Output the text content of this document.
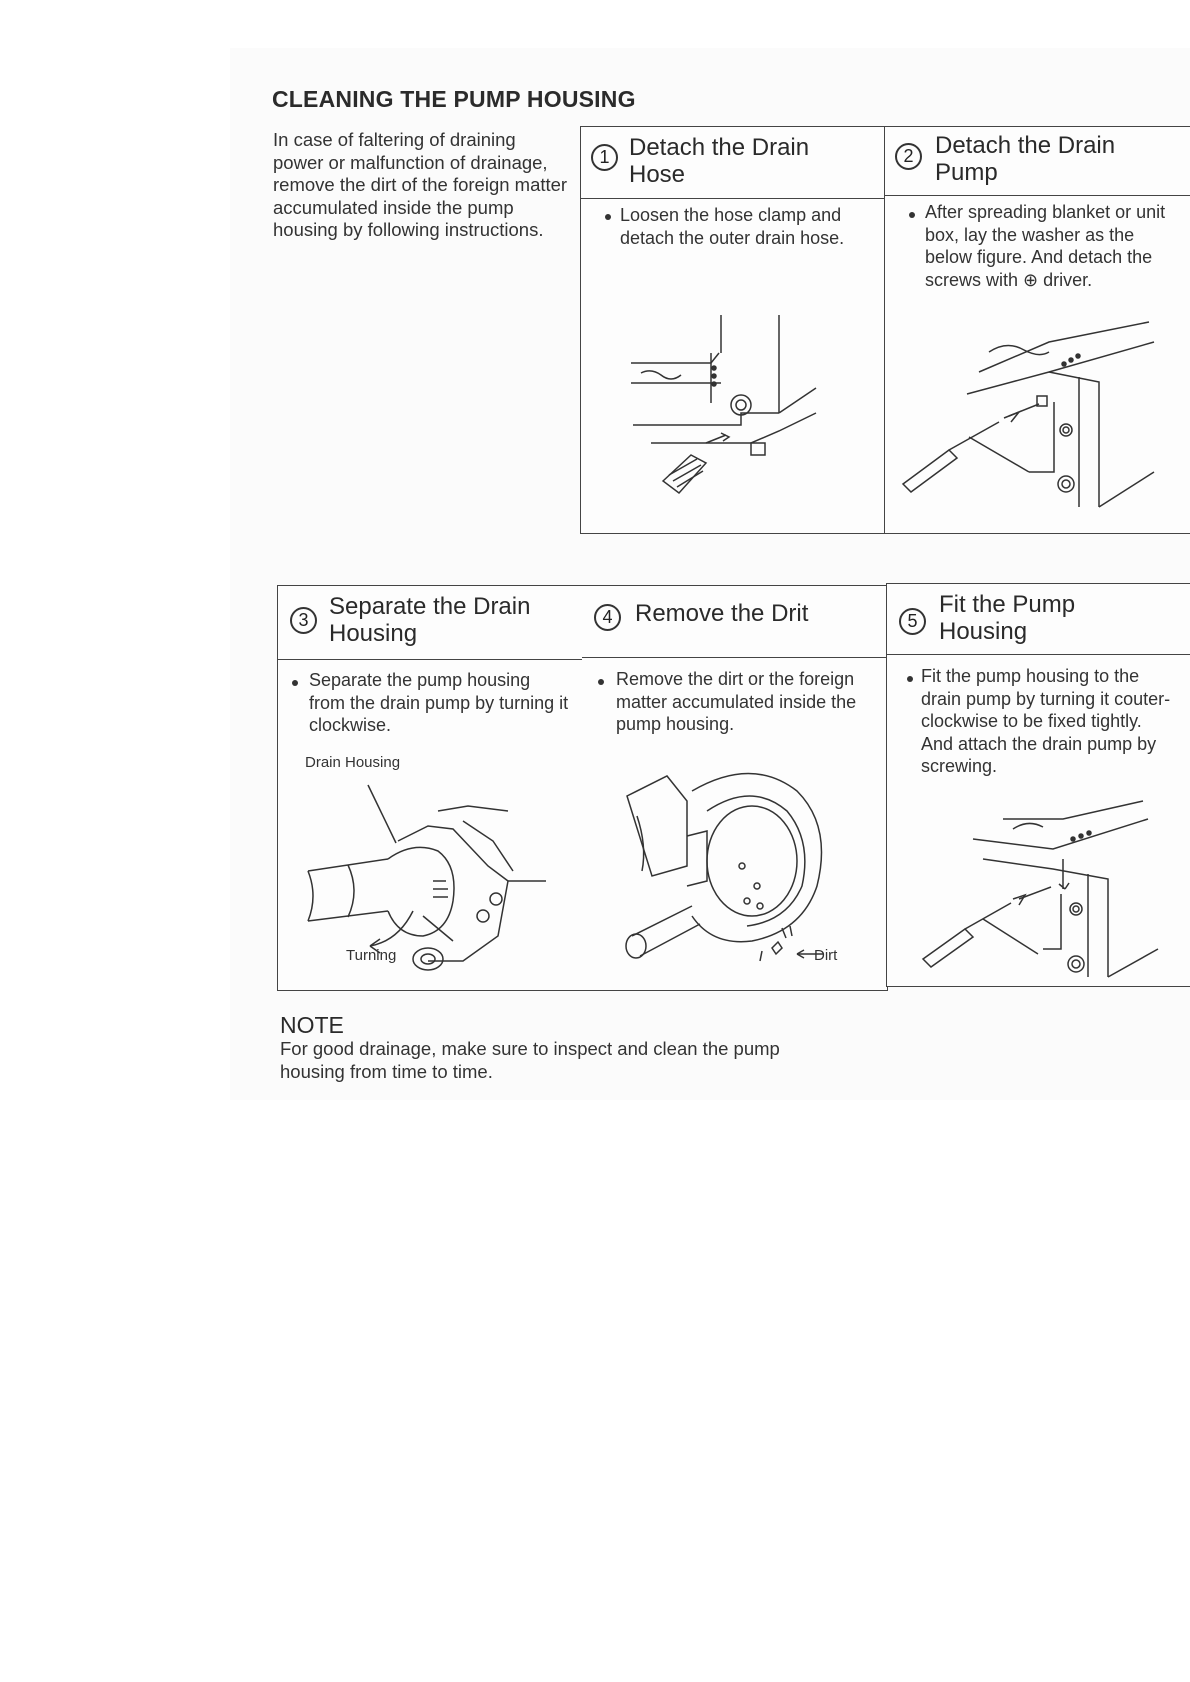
CLEANING THE PUMP HOUSING
In case of faltering of draining power or malfunction of drainage, remove the dirt of the foreign matter accumulated inside the pump housing by following instructions.
1 Detach the Drain Hose
Loosen the hose clamp and detach the outer drain hose.
2 Detach the Drain Pump
After spreading blanket or unit box, lay the washer as the below figure. And detach the screws with ⊕ driver.
3 Separate the Drain Housing
Separate the pump housing from the drain pump by turning it clockwise.
Drain Housing
Turning
4 Remove the Drit
Remove the dirt or the foreign matter accumulated inside the pump housing.
Dirt
5
Fit the Pump Housing
Fit the pump housing to the drain pump by turning it couter-clockwise to be fixed tightly.
And attach the drain pump by screwing.
NOTE
For good drainage, make sure to inspect and clean the pump housing from time to time.
